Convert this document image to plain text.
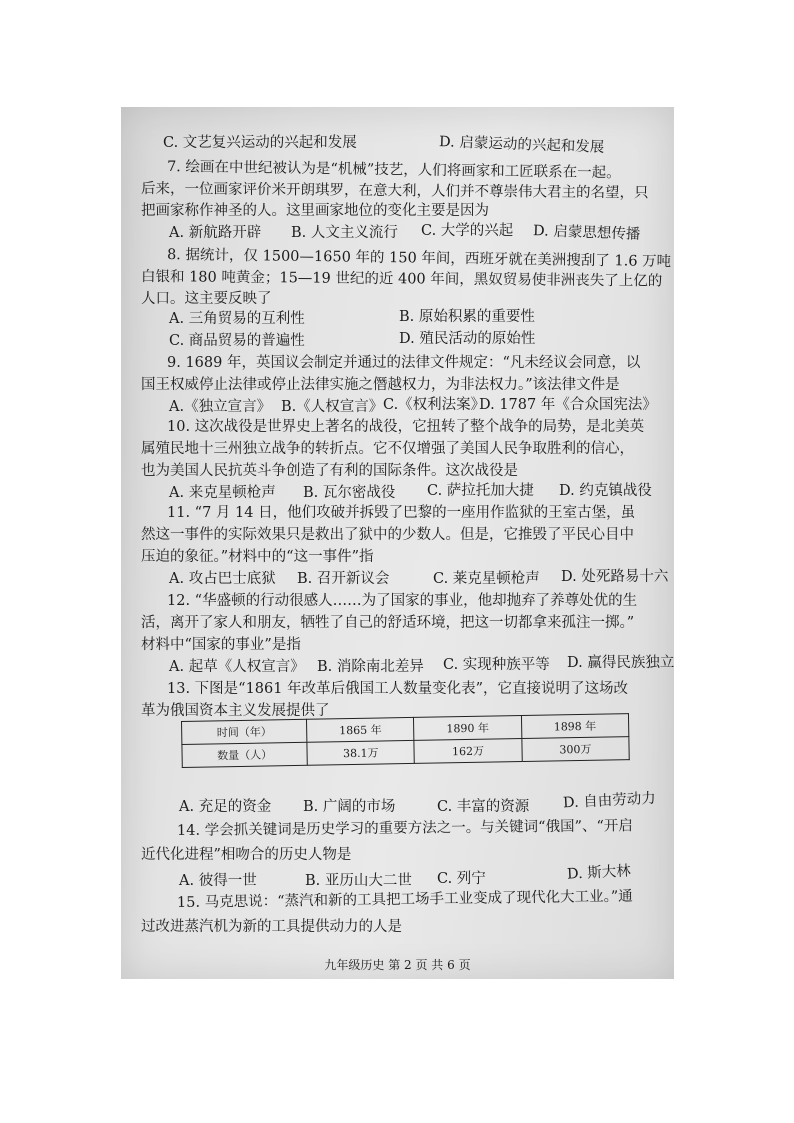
C. 文艺复兴运动的兴起和发展	D. 启蒙运动的兴起和发展
7. 绘画在中世纪被认为是“机械”技艺，人们将画家和工匠联系在一起。
后来，一位画家评价米开朗琪罗，在意大利，人们并不尊崇伟大君主的名望，只
把画家称作神圣的人。这里画家地位的变化主要是因为
A. 新航路开辟 B. 人文主义流行 C. 大学的兴起 D. 启蒙思想传播
8. 据统计，仅 1500—1650 年的 150 年间，西班牙就在美洲搜刮了 1.6 万吨
白银和 180 吨黄金；15—19 世纪的近 400 年间，黑奴贸易使非洲丧失了上亿的
人口。这主要反映了
A. 三角贸易的互利性	B. 原始积累的重要性
C. 商品贸易的普遍性	D. 殖民活动的原始性
9. 1689 年，英国议会制定并通过的法律文件规定：“凡未经议会同意，以
国王权威停止法律或停止法律实施之僭越权力，为非法权力。”该法律文件是
A.《独立宣言》 B.《人权宣言》 C.《权利法案》
D. 1787 年《合众国宪法》
10. 这次战役是世界史上著名的战役，它扭转了整个战争的局势，是北美英
属殖民地十三州独立战争的转折点。它不仅增强了美国人民争取胜利的信心，
也为美国人民抗英斗争创造了有利的国际条件。这次战役是
A. 来克星顿枪声 B. 瓦尔密战役 C. 萨拉托加大捷 D. 约克镇战役
11. “7 月 14 日，他们攻破并拆毁了巴黎的一座用作监狱的王室古堡，虽
然这一事件的实际效果只是救出了狱中的少数人。但是，它推毁了平民心目中
压迫的象征。”材料中的“这一事件”指
A. 攻占巴士底狱 B. 召开新议会	C. 莱克星顿枪声 D. 处死路易十六
12. “华盛顿的行动很感人……为了国家的事业，他却抛弃了养尊处优的生
活，离开了家人和朋友，牺牲了自己的舒适环境，把这一切都拿来孤注一掷。”
材料中“国家的事业”是指
A. 起草《人权宣言》 B. 消除南北差异 C. 实现种族平等 D. 赢得民族独立
13. 下图是“1861 年改革后俄国工人数量变化表”，它直接说明了这场改
革为俄国资本主义发展提供了
时间（年）	1865 年	1890 年	1898 年
数量（人）	38.1万	162万	300万
A. 充足的资金 B. 广阔的市场	C. 丰富的资源 D. 自由劳动力
14. 学会抓关键词是历史学习的重要方法之一。与关键词“俄国”、“开启
近代化进程”相吻合的历史人物是
A. 彼得一世	B. 亚历山大二世 C. 列宁	D. 斯大林
15. 马克思说：“蒸汽和新的工具把工场手工业变成了现代化大工业。”通
过改进蒸汽机为新的工具提供动力的人是
九年级历史 第 2 页 共 6 页
